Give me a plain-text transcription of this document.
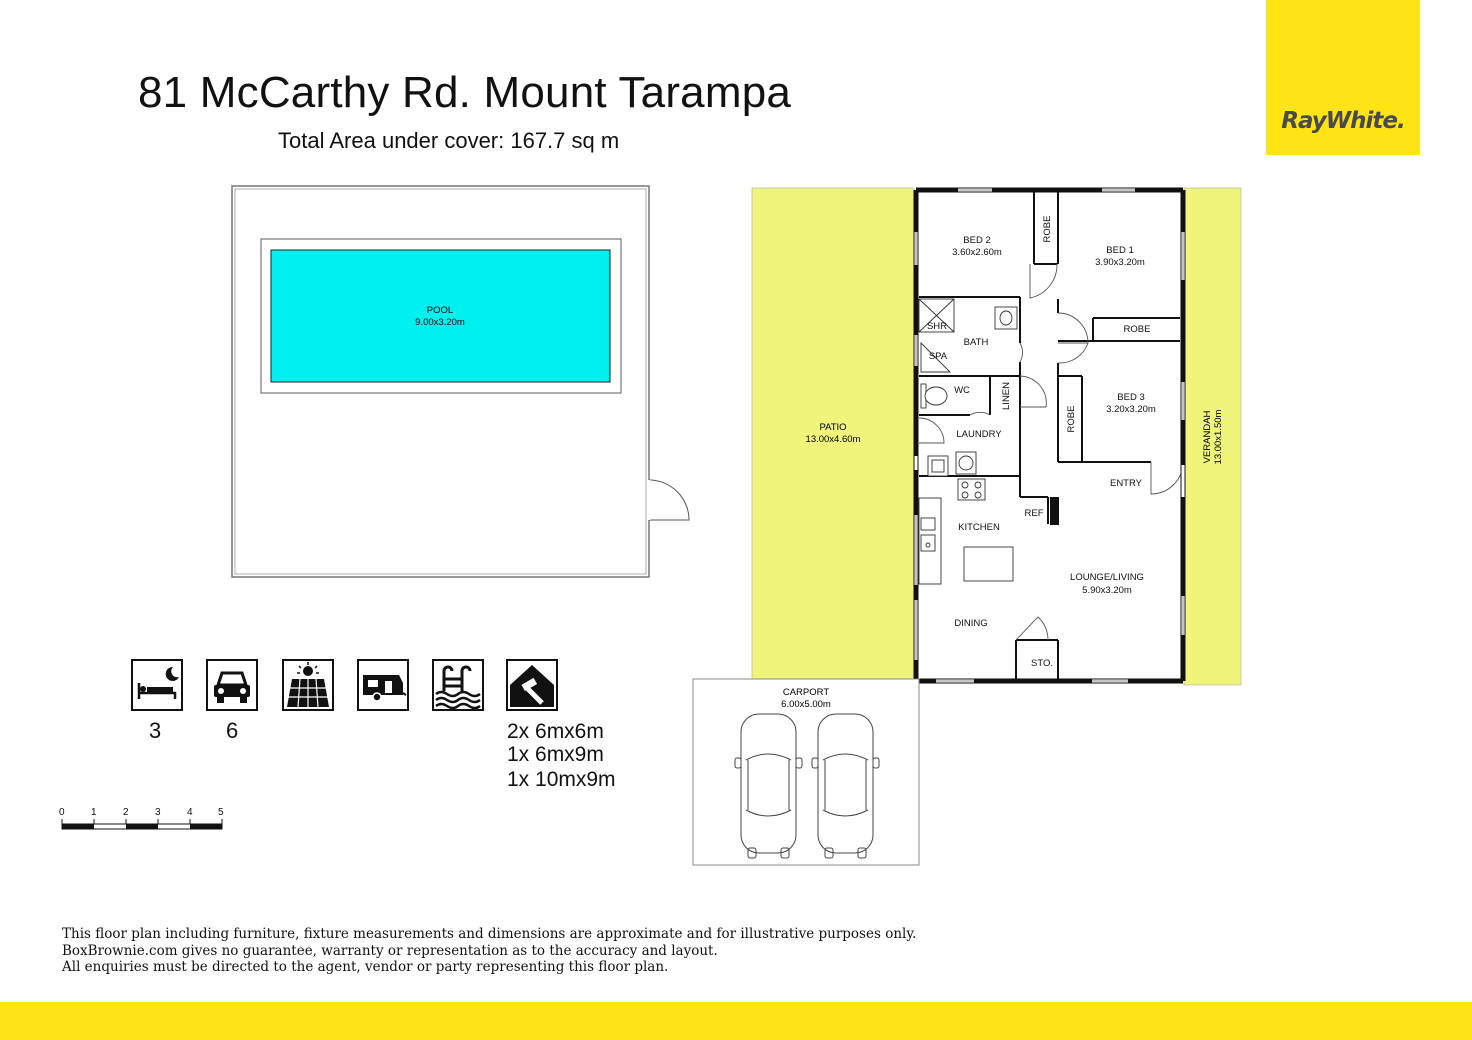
81 McCarthy Rd. Mount Tarampa
Total Area under cover: 167.7 sq m
RayWhite.
POOL
9.00x3.20m
PATIO
13.00x4.60m	VERANDAH 13.00x1.50m
BED 2
3.60x2.60m
ROBE
BED 1
3.90x3.20m
ROBE
SHR
SPA
BATH
WC	LINEN
LAUNDRY
BED 3
3.20x3.20m
ROBE
ENTRY
REF
KITCHEN
LOUNGE/LIVING
5.90x3.20m
DINING
STO.
CARPORT
6.00x5.00m
3	6	2x 6mx6m
1x 6mx9m
1x 10mx9m
0	1	2	3	4	5
This floor plan including furniture, fixture measurements and dimensions are approximate and for illustrative purposes only.
BoxBrownie.com gives no guarantee, warranty or representation as to the accuracy and layout.
All enquiries must be directed to the agent, vendor or party representing this floor plan.
